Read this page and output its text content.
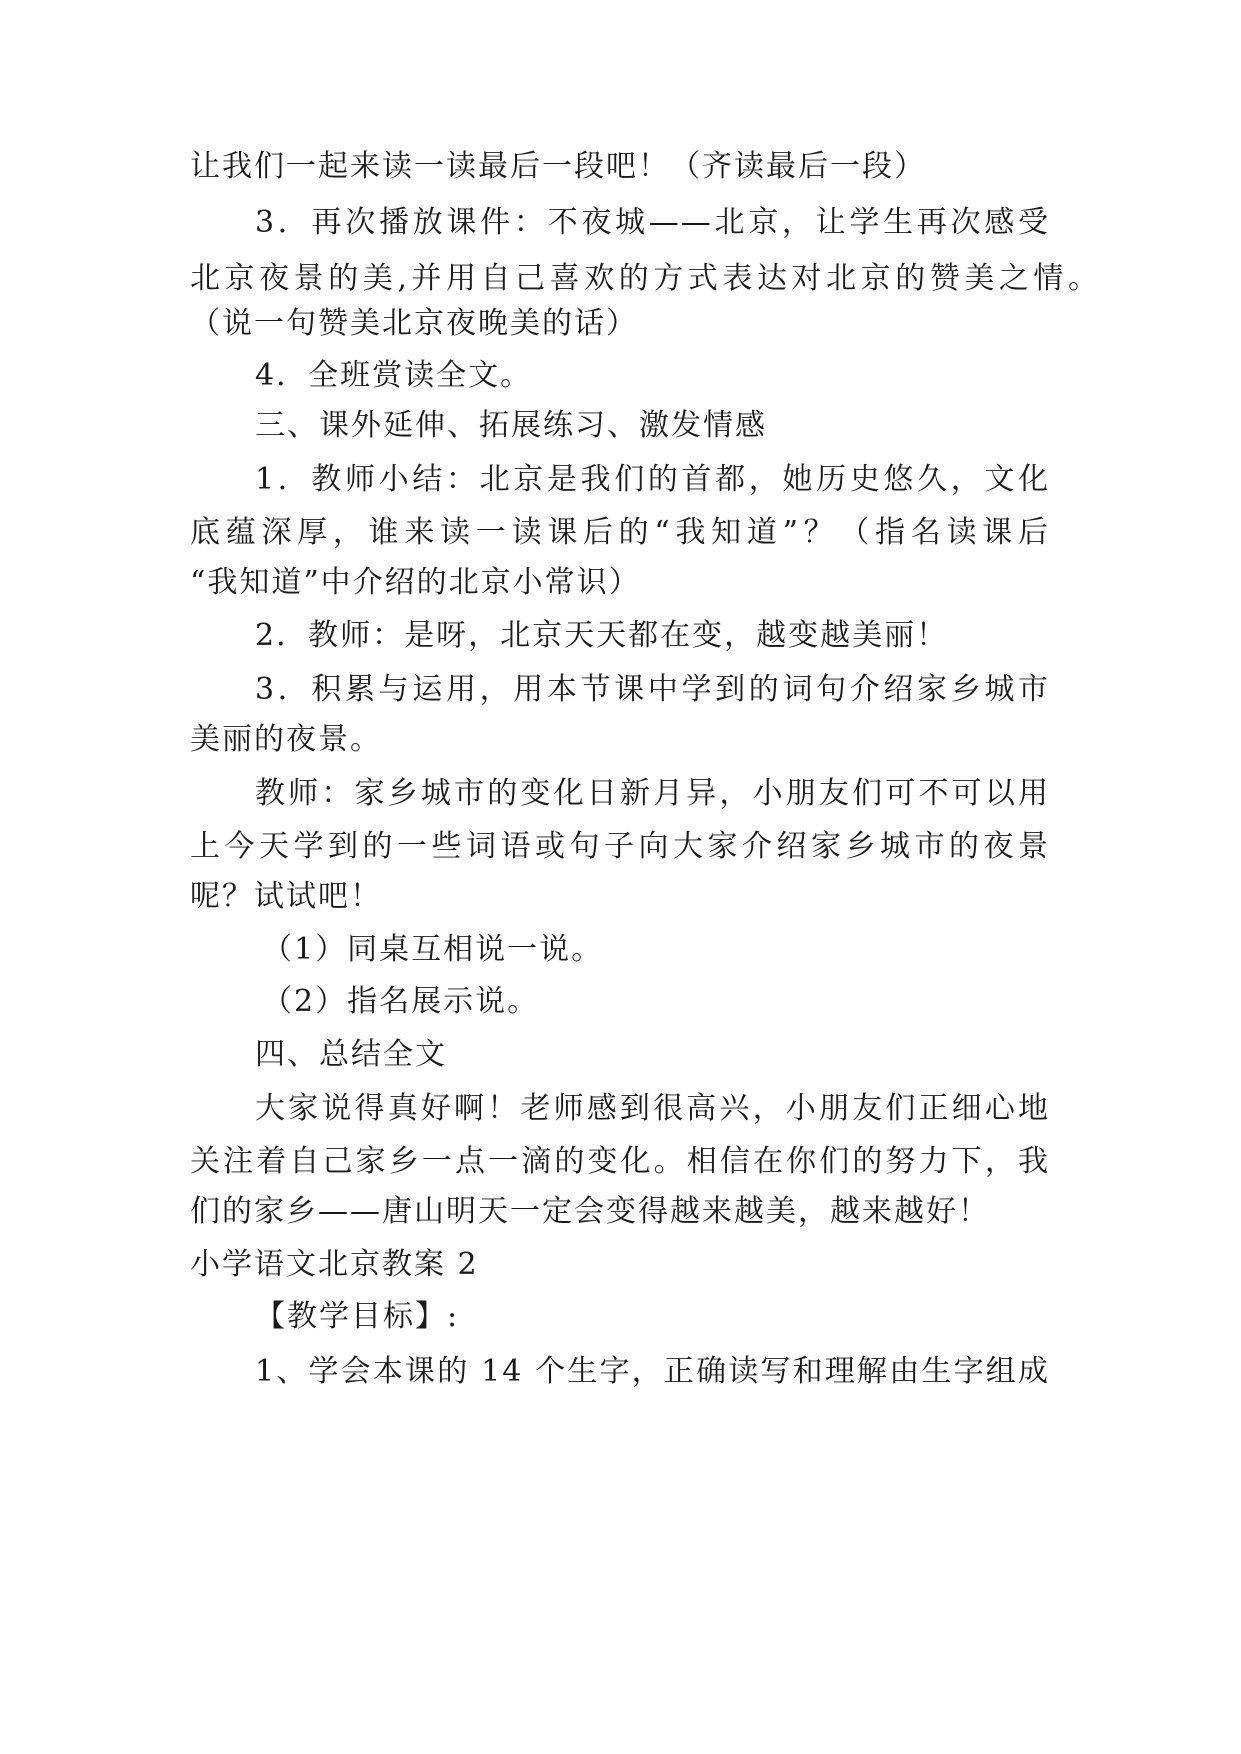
让我们一起来读一读最后一段吧！（齐读最后一段）
3．再次播放课件：不夜城——北京，让学生再次感受
北京夜景的美,并用自己喜欢的方式表达对北京的赞美之情。
（说一句赞美北京夜晚美的话）
4．全班赏读全文。
三、课外延伸、拓展练习、激发情感
1．教师小结：北京是我们的首都，她历史悠久，文化
底蕴深厚，谁来读一读课后的“我知道”？（指名读课后
“我知道”中介绍的北京小常识）
2．教师：是呀，北京天天都在变，越变越美丽！
3．积累与运用，用本节课中学到的词句介绍家乡城市
美丽的夜景。
教师：家乡城市的变化日新月异，小朋友们可不可以用
上今天学到的一些词语或句子向大家介绍家乡城市的夜景
呢？试试吧！
（1）同桌互相说一说。
（2）指名展示说。
四、总结全文
大家说得真好啊！老师感到很高兴，小朋友们正细心地
关注着自己家乡一点一滴的变化。相信在你们的努力下，我
们的家乡——唐山明天一定会变得越来越美，越来越好！
小学语文北京教案 2
【教学目标】:
1、学会本课的 14 个生字，正确读写和理解由生字组成
